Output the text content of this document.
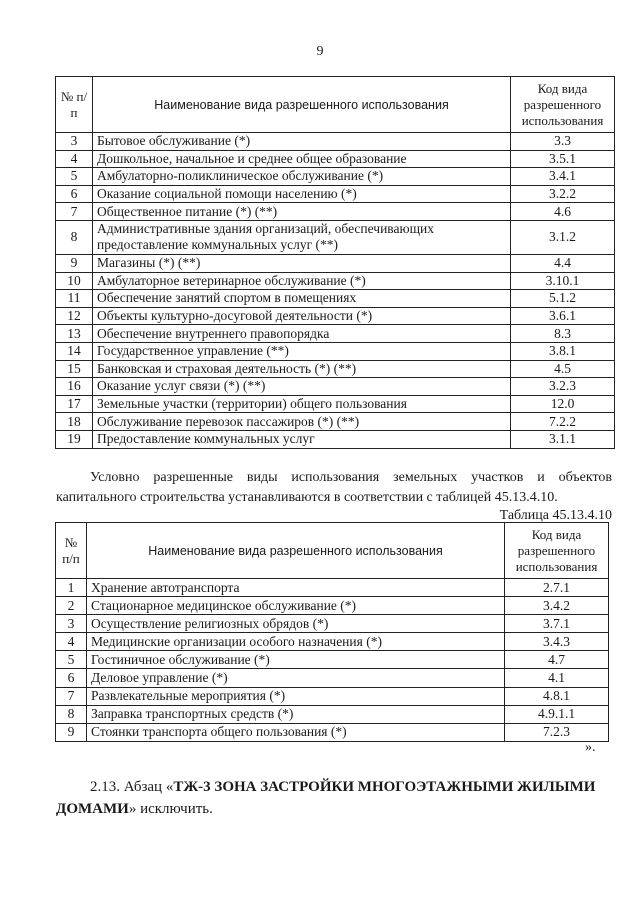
9
№ п/п	Наименование вида разрешенного использования	Код вида разрешенного использования
3	Бытовое обслуживание (*)	3.3
4	Дошкольное, начальное и среднее общее образование	3.5.1
5	Амбулаторно-поликлиническое обслуживание (*)	3.4.1
6	Оказание социальной помощи населению (*)	3.2.2
7	Общественное питание (*) (**)	4.6
8	Административные здания организаций, обеспечивающих предоставление коммунальных услуг (**)	3.1.2
9	Магазины (*) (**)	4.4
10	Амбулаторное ветеринарное обслуживание (*)	3.10.1
11	Обеспечение занятий спортом в помещениях	5.1.2
12	Объекты культурно-досуговой деятельности (*)	3.6.1
13	Обеспечение внутреннего правопорядка	8.3
14	Государственное управление (**)	3.8.1
15	Банковская и страховая деятельность (*) (**)	4.5
16	Оказание услуг связи (*) (**)	3.2.3
17	Земельные участки (территории) общего пользования	12.0
18	Обслуживание перевозок пассажиров (*) (**)	7.2.2
19	Предоставление коммунальных услуг	3.1.1
Условно разрешенные виды использования земельных участков и объектов капитального строительства устанавливаются в соответствии с таблицей 45.13.4.10.
Таблица 45.13.4.10
№ п/п	Наименование вида разрешенного использования	Код вида разрешенного использования
1	Хранение автотранспорта	2.7.1
2	Стационарное медицинское обслуживание (*)	3.4.2
3	Осуществление религиозных обрядов (*)	3.7.1
4	Медицинские организации особого назначения (*)	3.4.3
5	Гостиничное обслуживание (*)	4.7
6	Деловое управление (*)	4.1
7	Развлекательные мероприятия (*)	4.8.1
8	Заправка транспортных средств (*)	4.9.1.1
9	Стоянки транспорта общего пользования (*)	7.2.3
».
2.13. Абзац «ТЖ-3 ЗОНА ЗАСТРОЙКИ МНОГОЭТАЖНЫМИ ЖИЛЫМИ ДОМАМИ» исключить.
